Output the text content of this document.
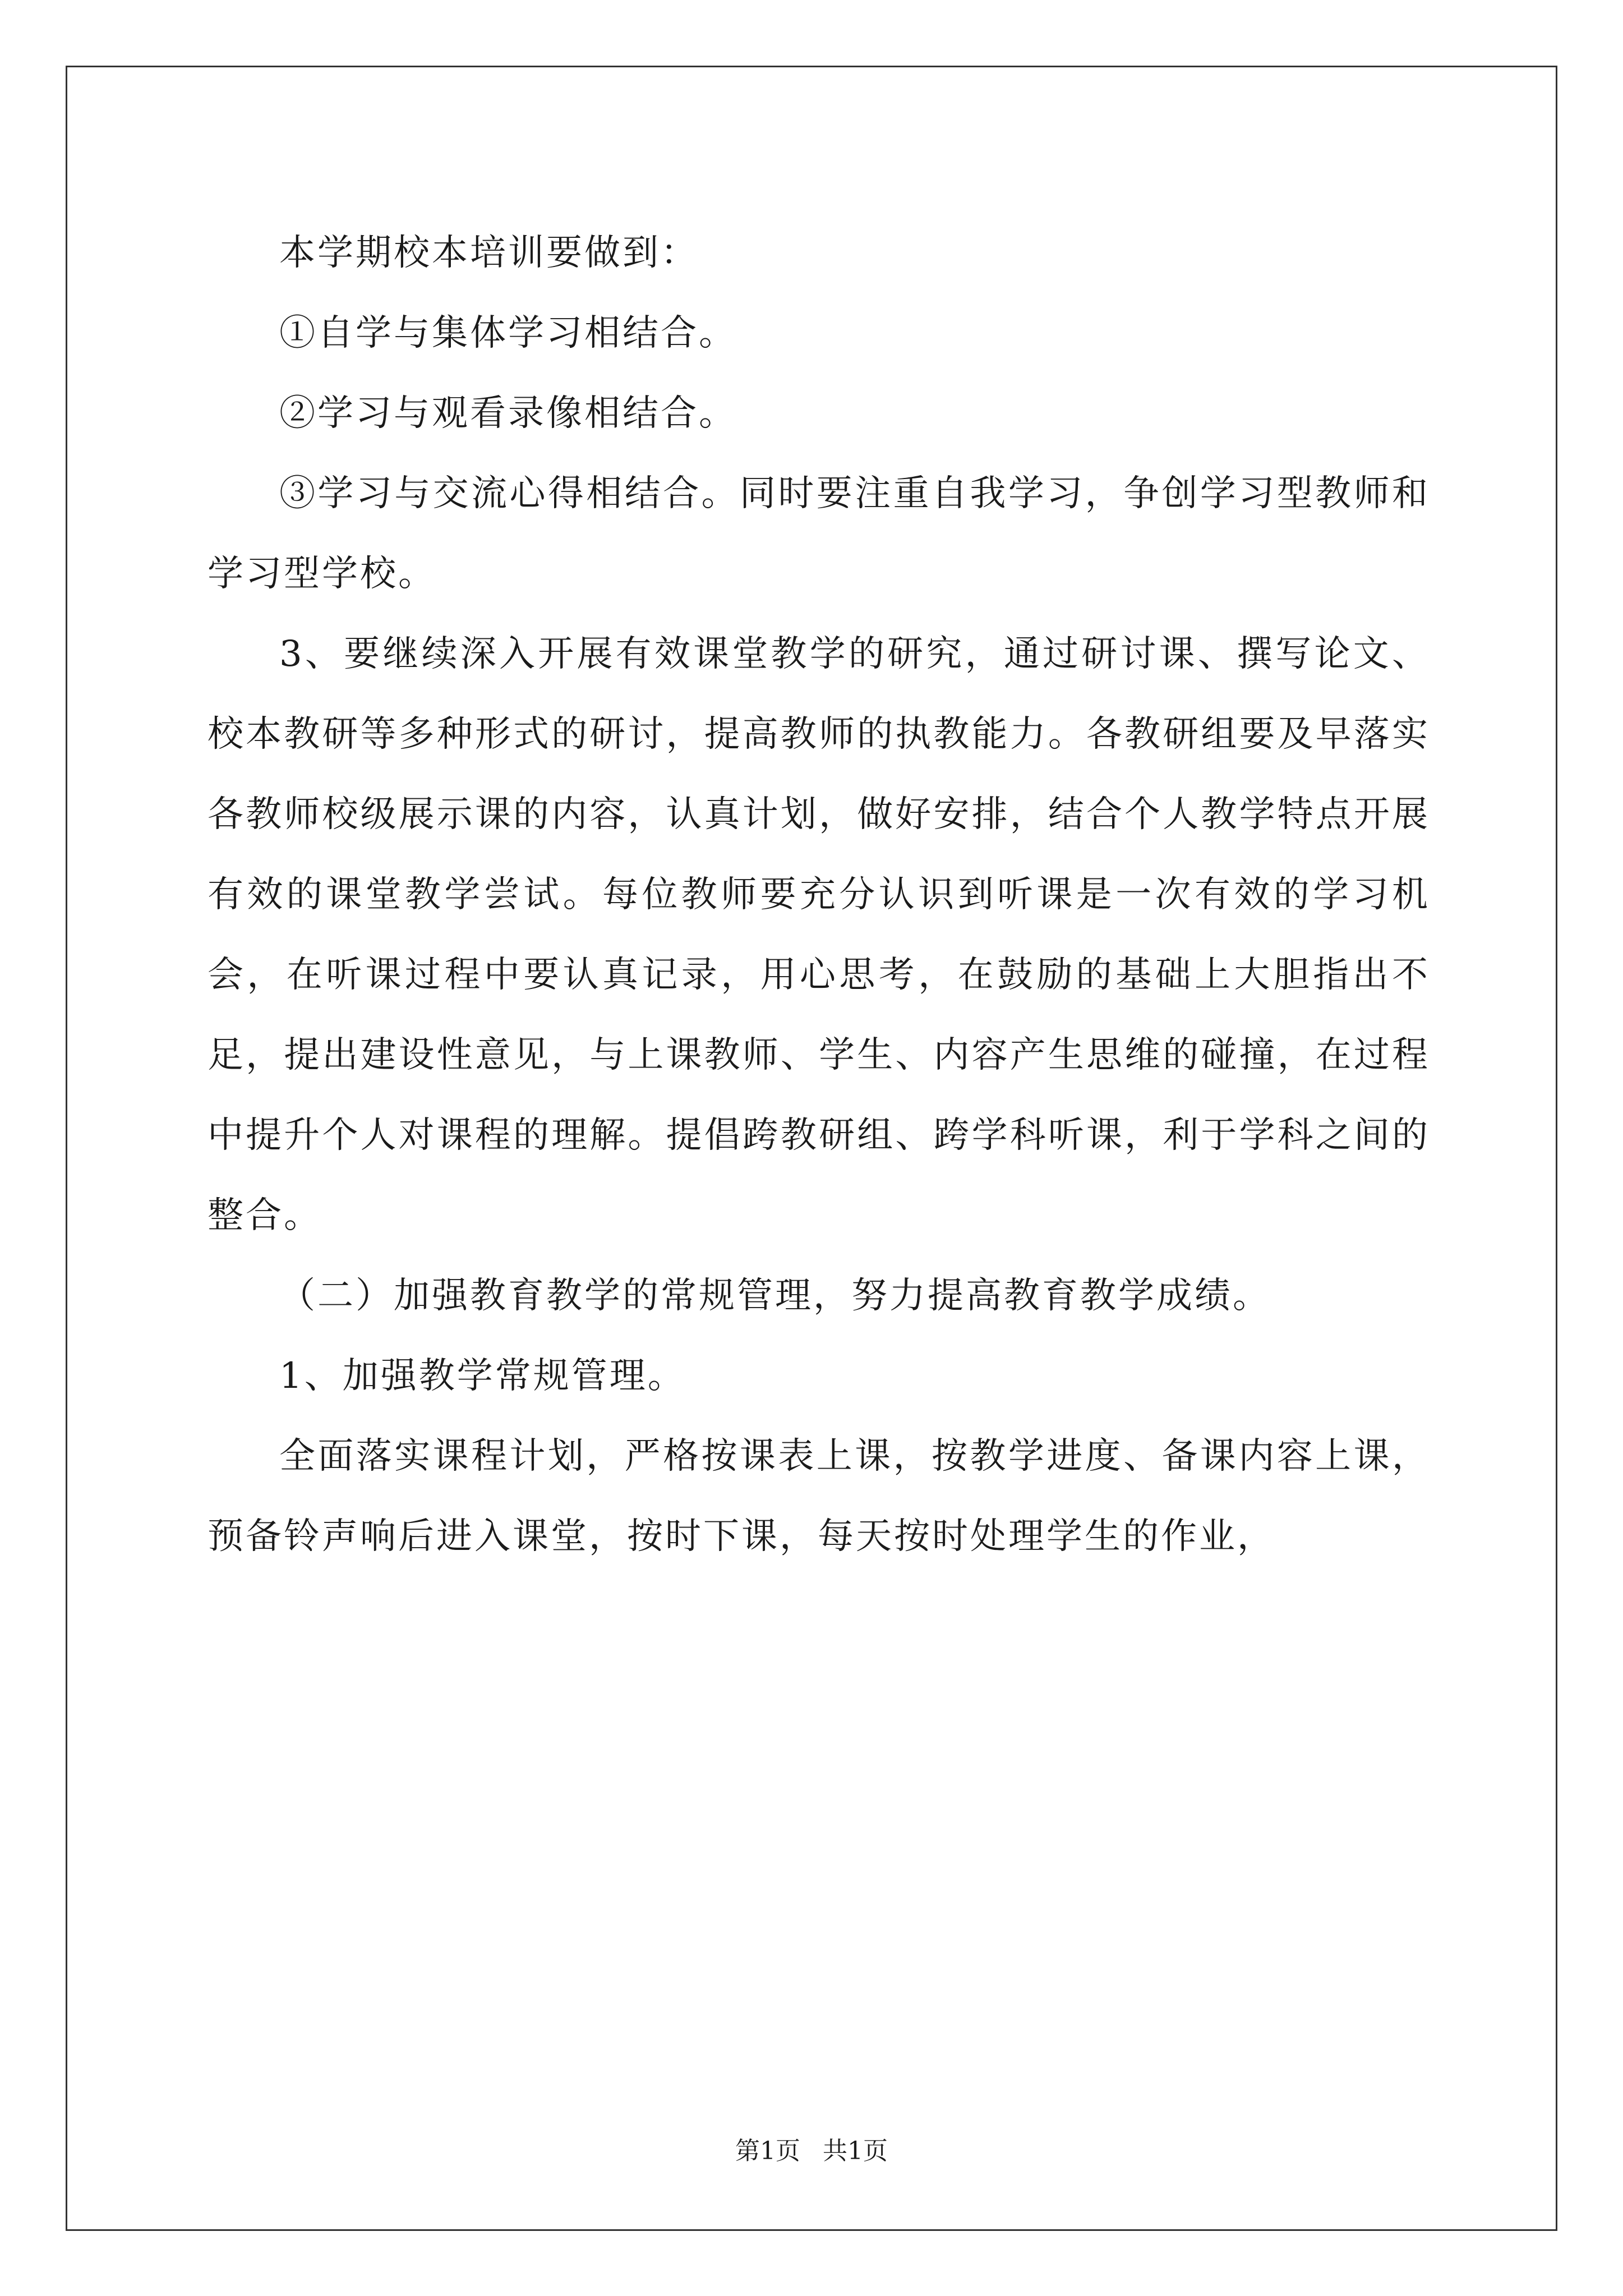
本学期校本培训要做到：

①自学与集体学习相结合。

②学习与观看录像相结合。

③学习与交流心得相结合。同时要注重自我学习，争创学习型教师和学习型学校。

3、要继续深入开展有效课堂教学的研究，通过研讨课、撰写论文、校本教研等多种形式的研讨，提高教师的执教能力。各教研组要及早落实各教师校级展示课的内容，认真计划，做好安排，结合个人教学特点开展有效的课堂教学尝试。每位教师要充分认识到听课是一次有效的学习机会，在听课过程中要认真记录，用心思考，在鼓励的基础上大胆指出不足，提出建设性意见，与上课教师、学生、内容产生思维的碰撞，在过程中提升个人对课程的理解。提倡跨教研组、跨学科听课，利于学科之间的整合。

（二）加强教育教学的常规管理，努力提高教育教学成绩。

1、加强教学常规管理。

全面落实课程计划，严格按课表上课，按教学进度、备课内容上课，预备铃声响后进入课堂，按时下课，每天按时处理学生的作业，

第1页 共1页
